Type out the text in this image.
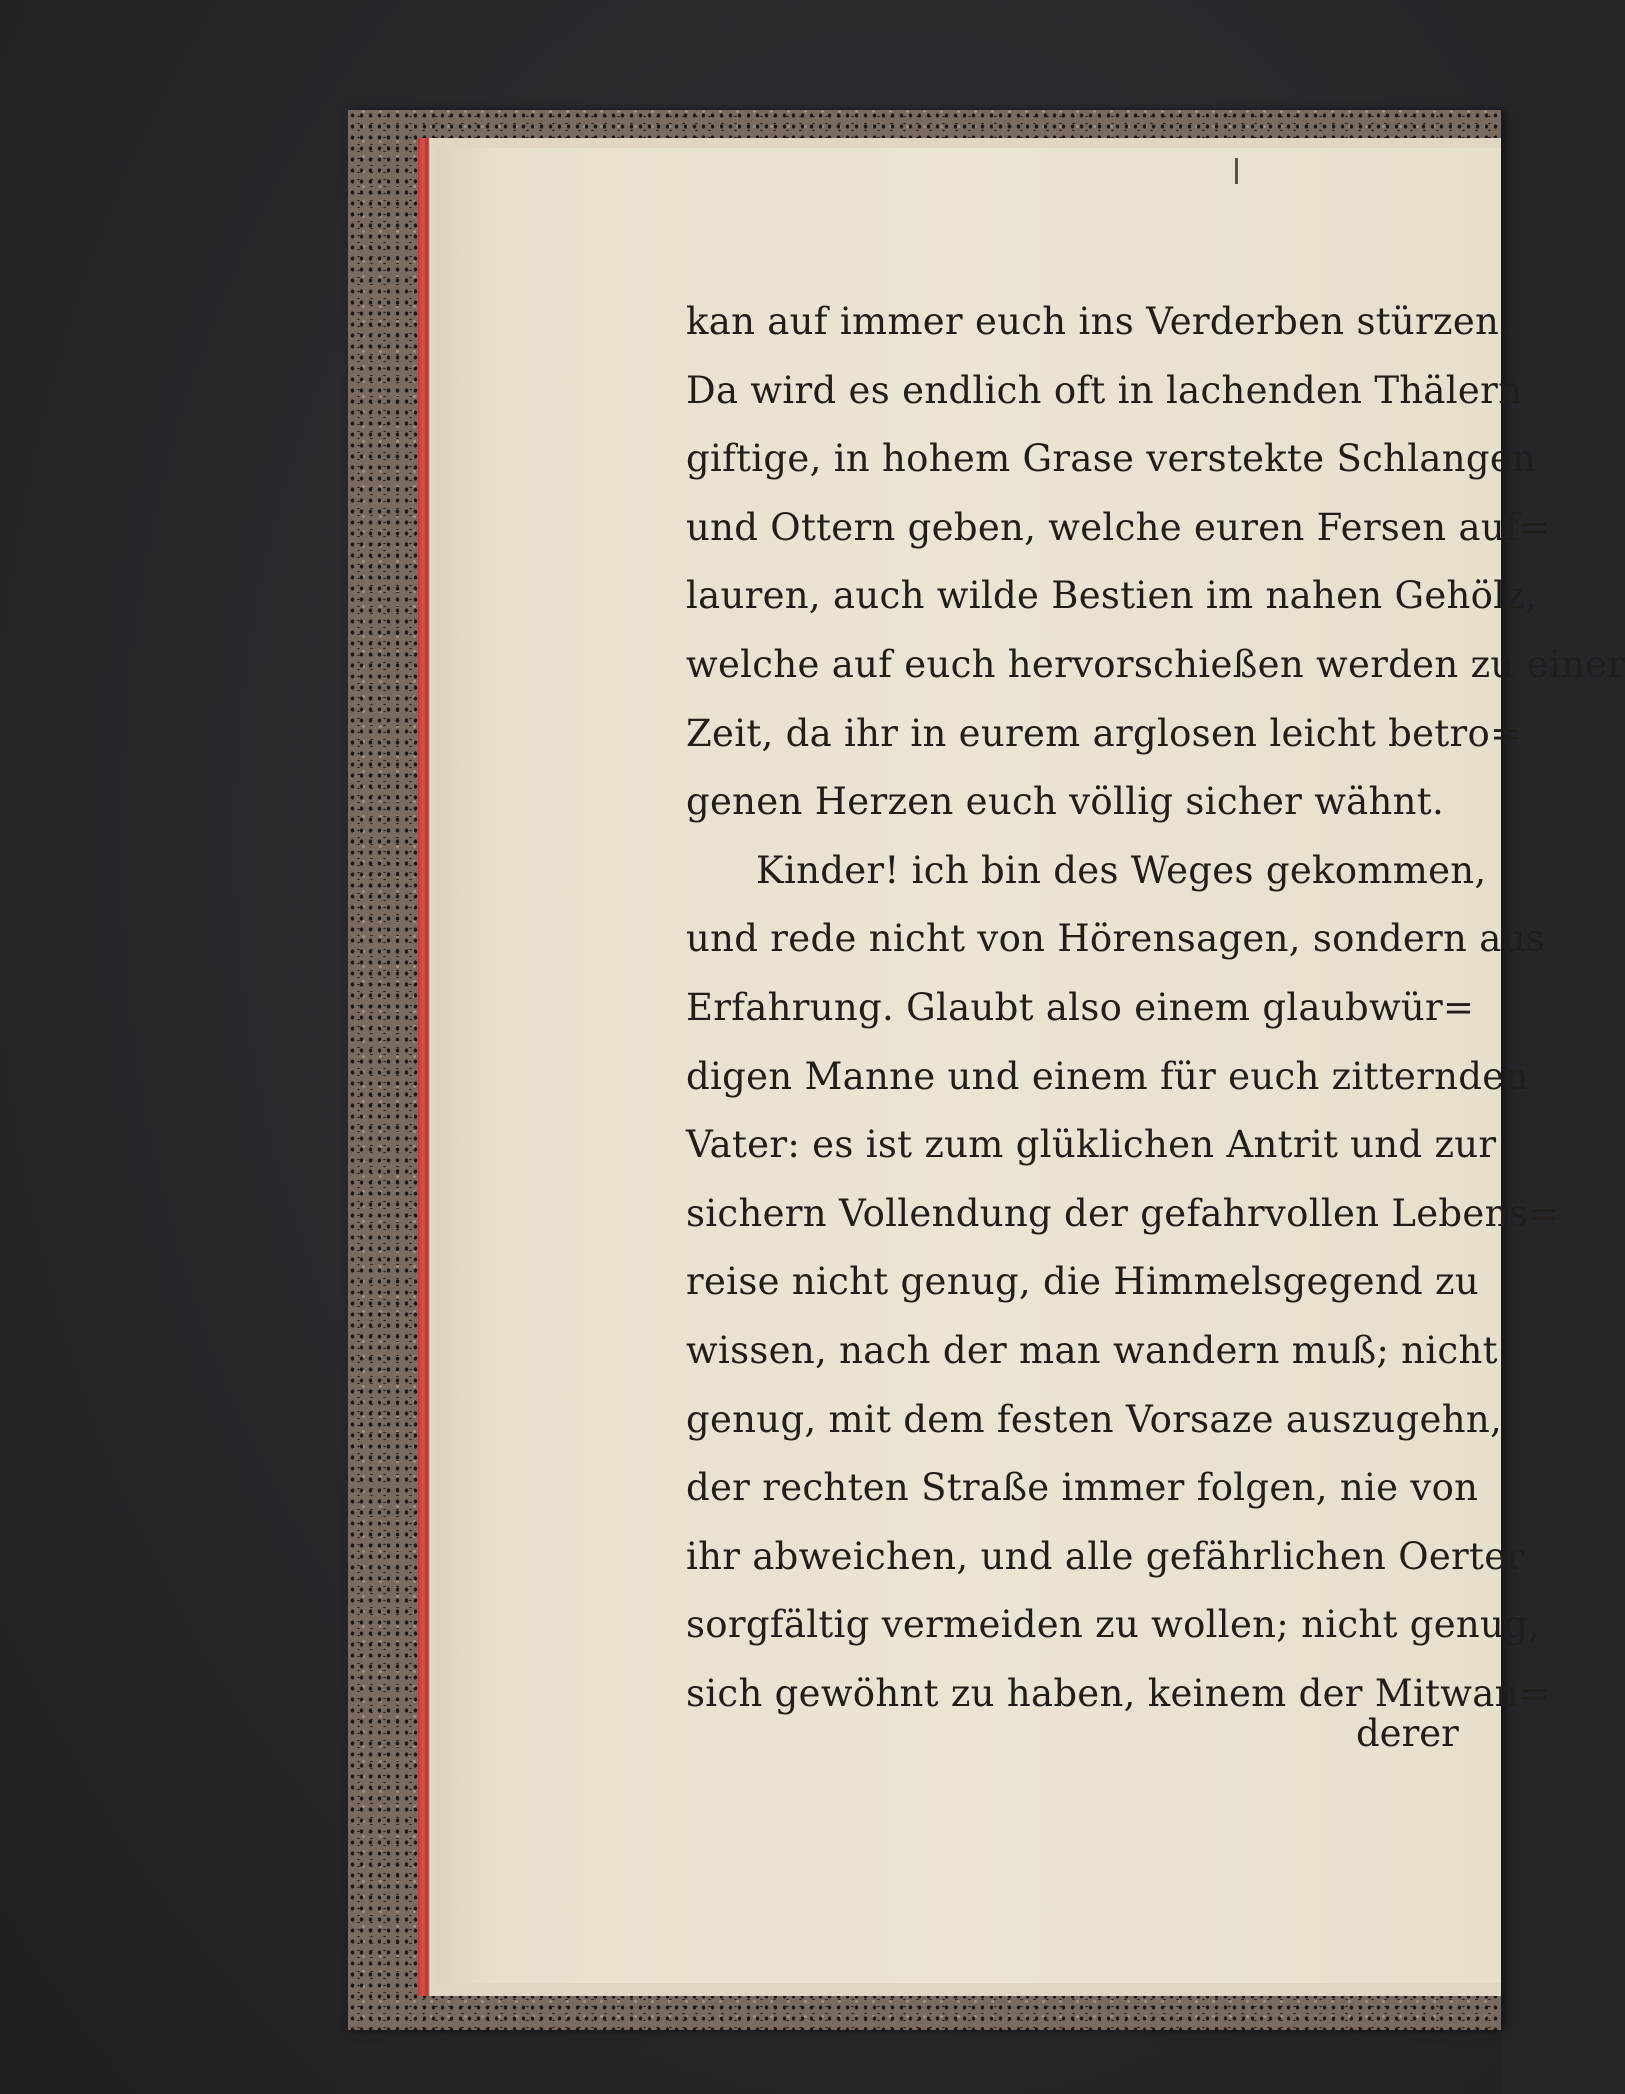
kan auf immer euch ins Verderben stürzen.
Da wird es endlich oft in lachenden Thälern
giftige, in hohem Grase verstekte Schlangen
und Ottern geben, welche euren Fersen auf=
lauren, auch wilde Bestien im nahen Gehölz,
welche auf euch hervorschießen werden zu einer
Zeit, da ihr in eurem arglosen leicht betro=
genen Herzen euch völlig sicher wähnt.
Kinder! ich bin des Weges gekommen,
und rede nicht von Hörensagen, sondern aus
Erfahrung. Glaubt also einem glaubwür=
digen Manne und einem für euch zitternden
Vater: es ist zum glüklichen Antrit und zur
sichern Vollendung der gefahrvollen Lebens=
reise nicht genug, die Himmelsgegend zu
wissen, nach der man wandern muß; nicht
genug, mit dem festen Vorsaze auszugehn,
der rechten Straße immer folgen, nie von
ihr abweichen, und alle gefährlichen Oerter
sorgfältig vermeiden zu wollen; nicht genug,
sich gewöhnt zu haben, keinem der Mitwan=
derer
